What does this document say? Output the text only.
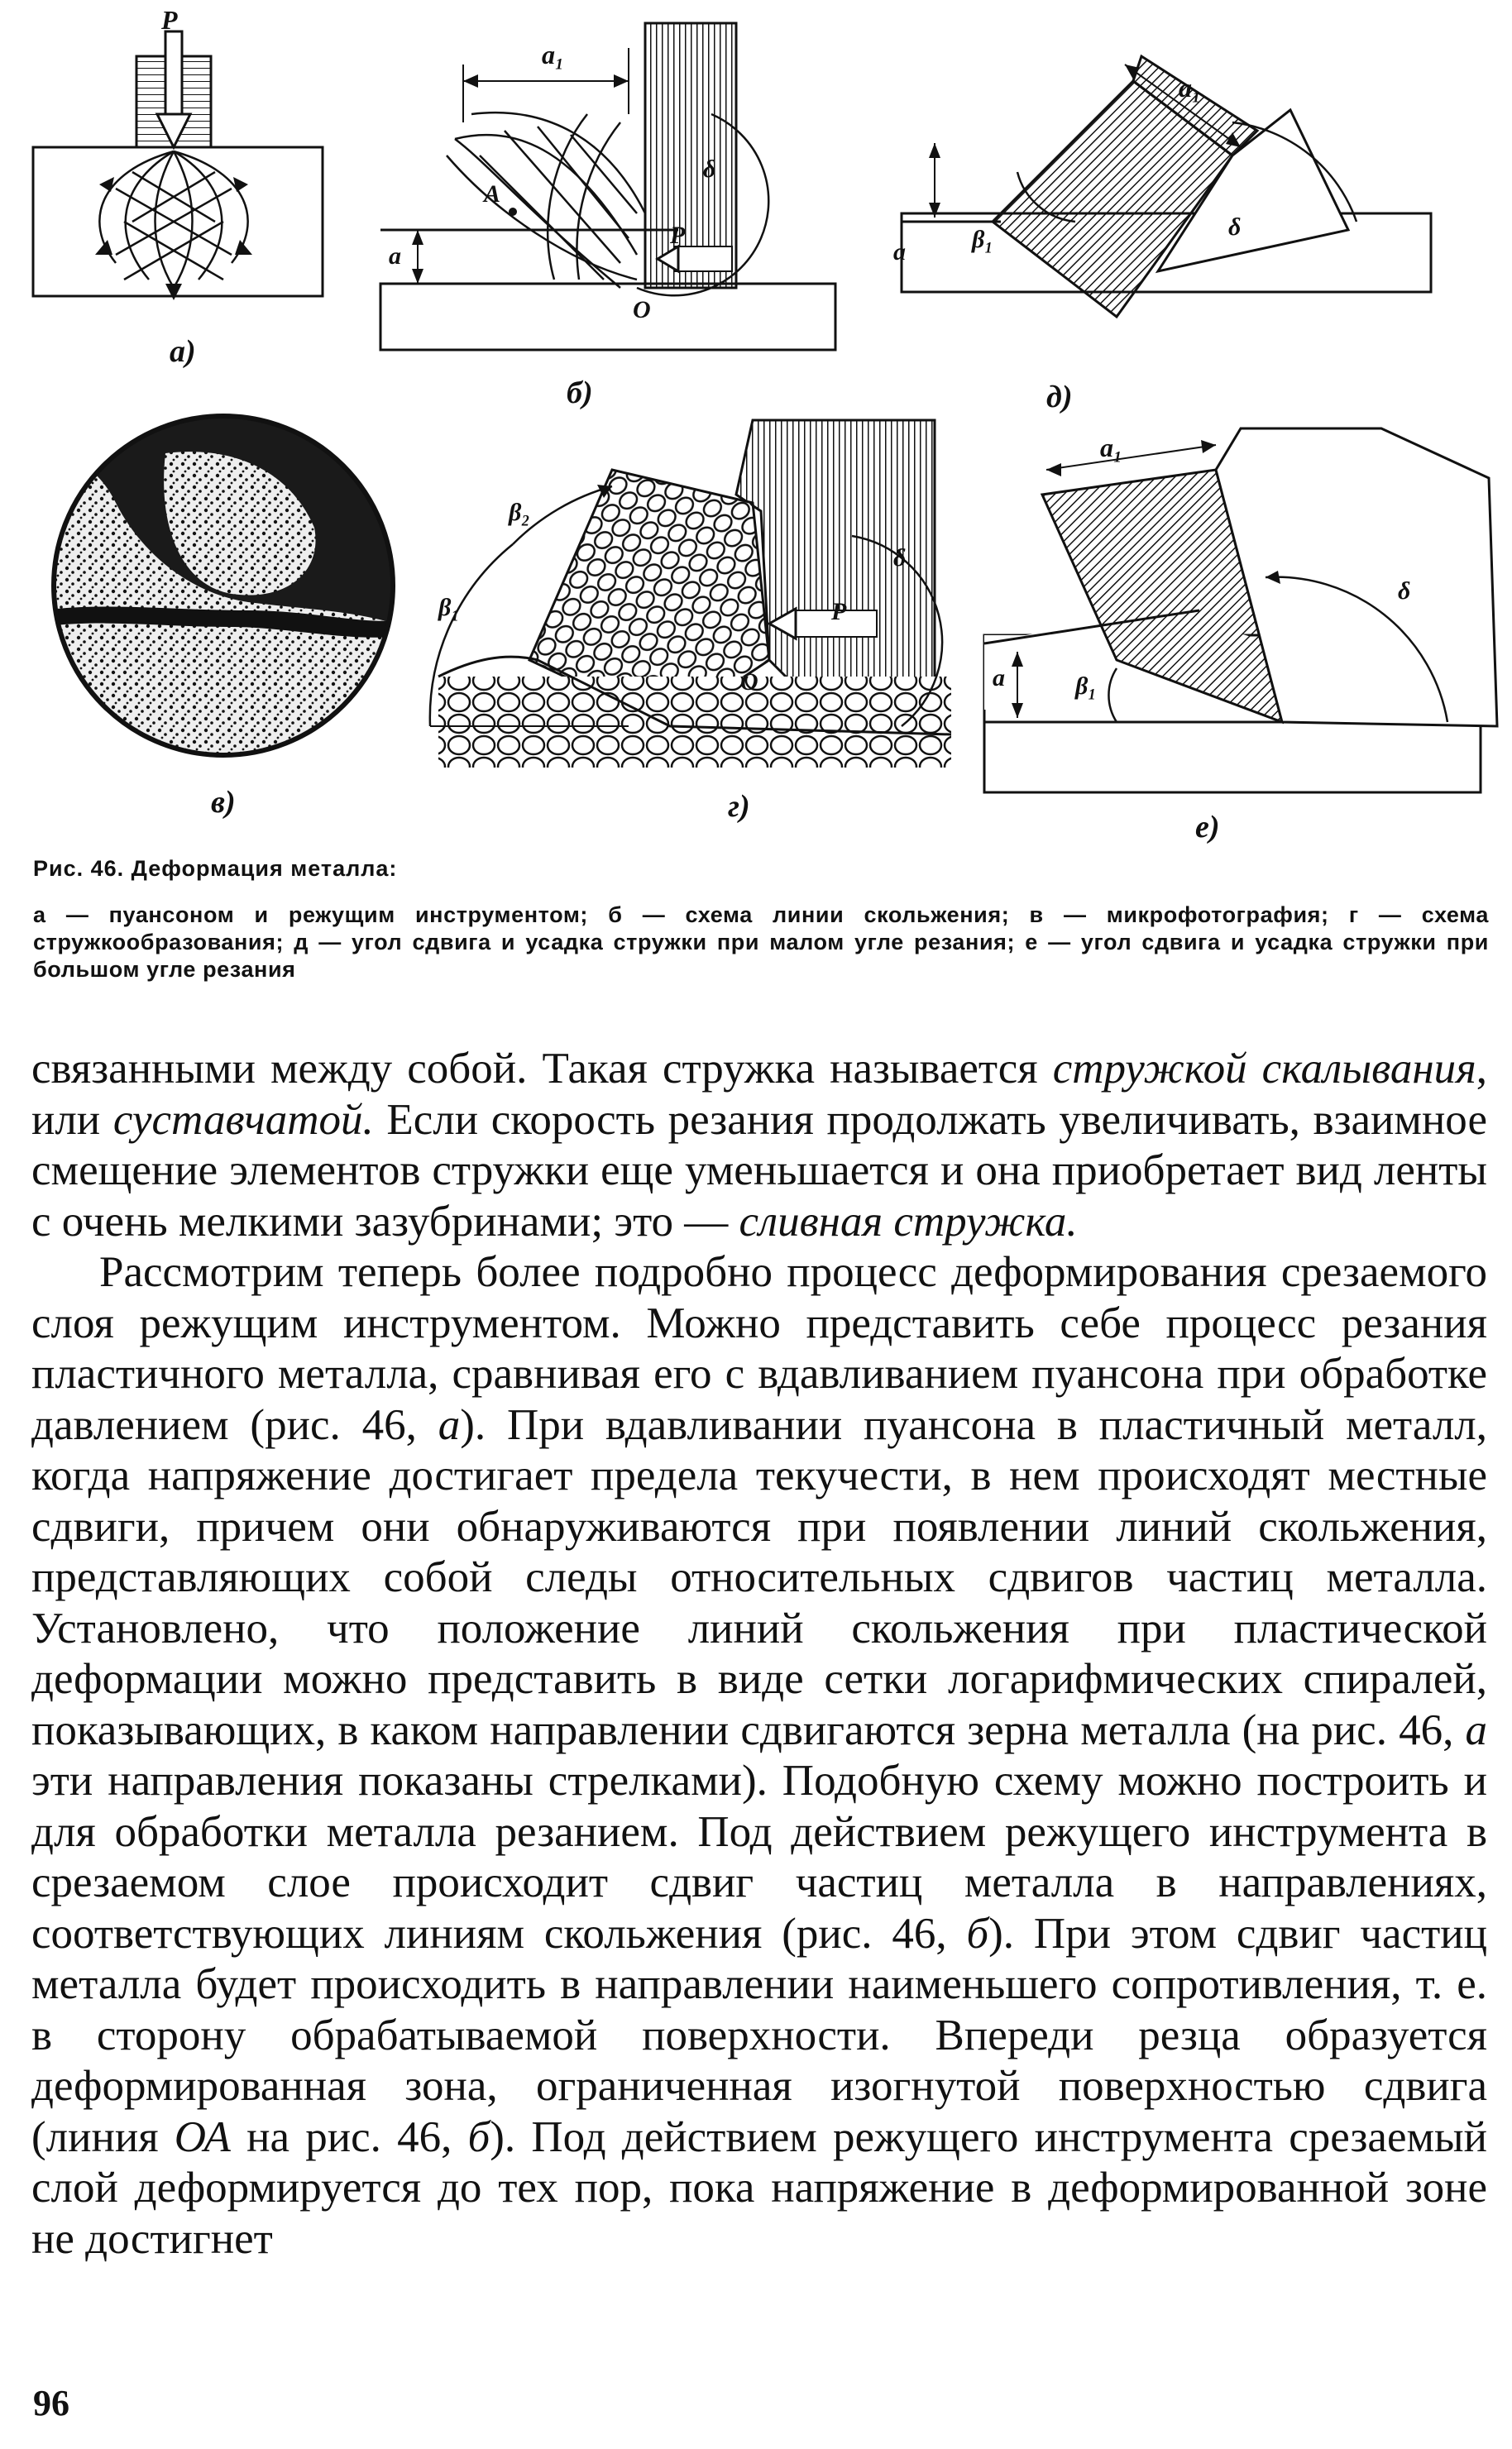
P
a)
a₁
A
a
P
δ
O
б)
a₁
a	β₁	δ
д)
в)
β₁
β₂
P
δ
O
г)
a₁
a	β₁
δ
е)
Рис. 46. Деформация металла:
а — пуансоном и режущим инструментом; б — схема линии скольжения; в — микрофотография; г — схема стружкообразования; д — угол сдвига и усадка стружки при малом угле резания; е — угол сдвига и усадка стружки при большом угле резания

связанными между собой. Такая стружка называется стружкой скалывания, или суставчатой. Если скорость резания продолжать увеличивать, взаимное смещение элементов стружки еще уменьшается и она приобретает вид ленты с очень мелкими зазубринами; это — сливная стружка.

Рассмотрим теперь более подробно процесс деформирования срезаемого слоя режущим инструментом. Можно представить себе процесс резания пластичного металла, сравнивая его с вдавливанием пуансона при обработке давлением (рис. 46, а). При вдавливании пуансона в пластичный металл, когда напряжение достигает предела текучести, в нем происходят местные сдвиги, причем они обнаруживаются при появлении линий скольжения, представляющих собой следы относительных сдвигов частиц металла. Установлено, что положение линий скольжения при пластической деформации можно представить в виде сетки логарифмических спиралей, показывающих, в каком направлении сдвигаются зерна металла (на рис. 46, а эти направления показаны стрелками). Подобную схему можно построить и для обработки металла резанием. Под действием режущего инструмента в срезаемом слое происходит сдвиг частиц металла в направлениях, соответствующих линиям скольжения (рис. 46, б). При этом сдвиг частиц металла будет происходить в направлении наименьшего сопротивления, т. е. в сторону обрабатываемой поверхности. Впереди резца образуется деформированная зона, ограниченная изогнутой поверхностью сдвига (линия ОА на рис. 46, б). Под действием режущего инструмента срезаемый слой деформируется до тех пор, пока напряжение в деформированной зоне не достигнет

96
